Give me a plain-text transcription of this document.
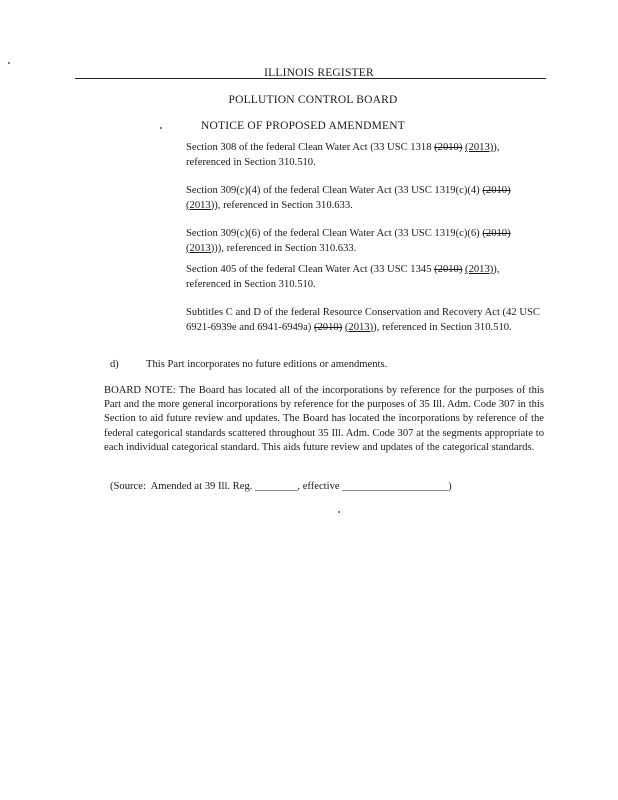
ILLINOIS REGISTER
POLLUTION CONTROL BOARD
NOTICE OF PROPOSED AMENDMENT
Section 308 of the federal Clean Water Act (33 USC 1318 (2010) (2013)), referenced in Section 310.510.
Section 309(c)(4) of the federal Clean Water Act (33 USC 1319(c)(4) (2010) (2013)), referenced in Section 310.633.
Section 309(c)(6) of the federal Clean Water Act (33 USC 1319(c)(6) (2010) (2013))), referenced in Section 310.633.
Section 405 of the federal Clean Water Act (33 USC 1345 (2010) (2013)), referenced in Section 310.510.
Subtitles C and D of the federal Resource Conservation and Recovery Act (42 USC 6921-6939e and 6941-6949a) (2010) (2013)), referenced in Section 310.510.
d)	This Part incorporates no future editions or amendments.
BOARD NOTE: The Board has located all of the incorporations by reference for the purposes of this Part and the more general incorporations by reference for the purposes of 35 Ill. Adm. Code 307 in this Section to aid future review and updates. The Board has located the incorporations by reference of the federal categorical standards scattered throughout 35 Ill. Adm. Code 307 at the segments appropriate to each individual categorical standard. This aids future review and updates of the categorical standards.
(Source:  Amended at 39 Ill. Reg. ________, effective ____________________)
